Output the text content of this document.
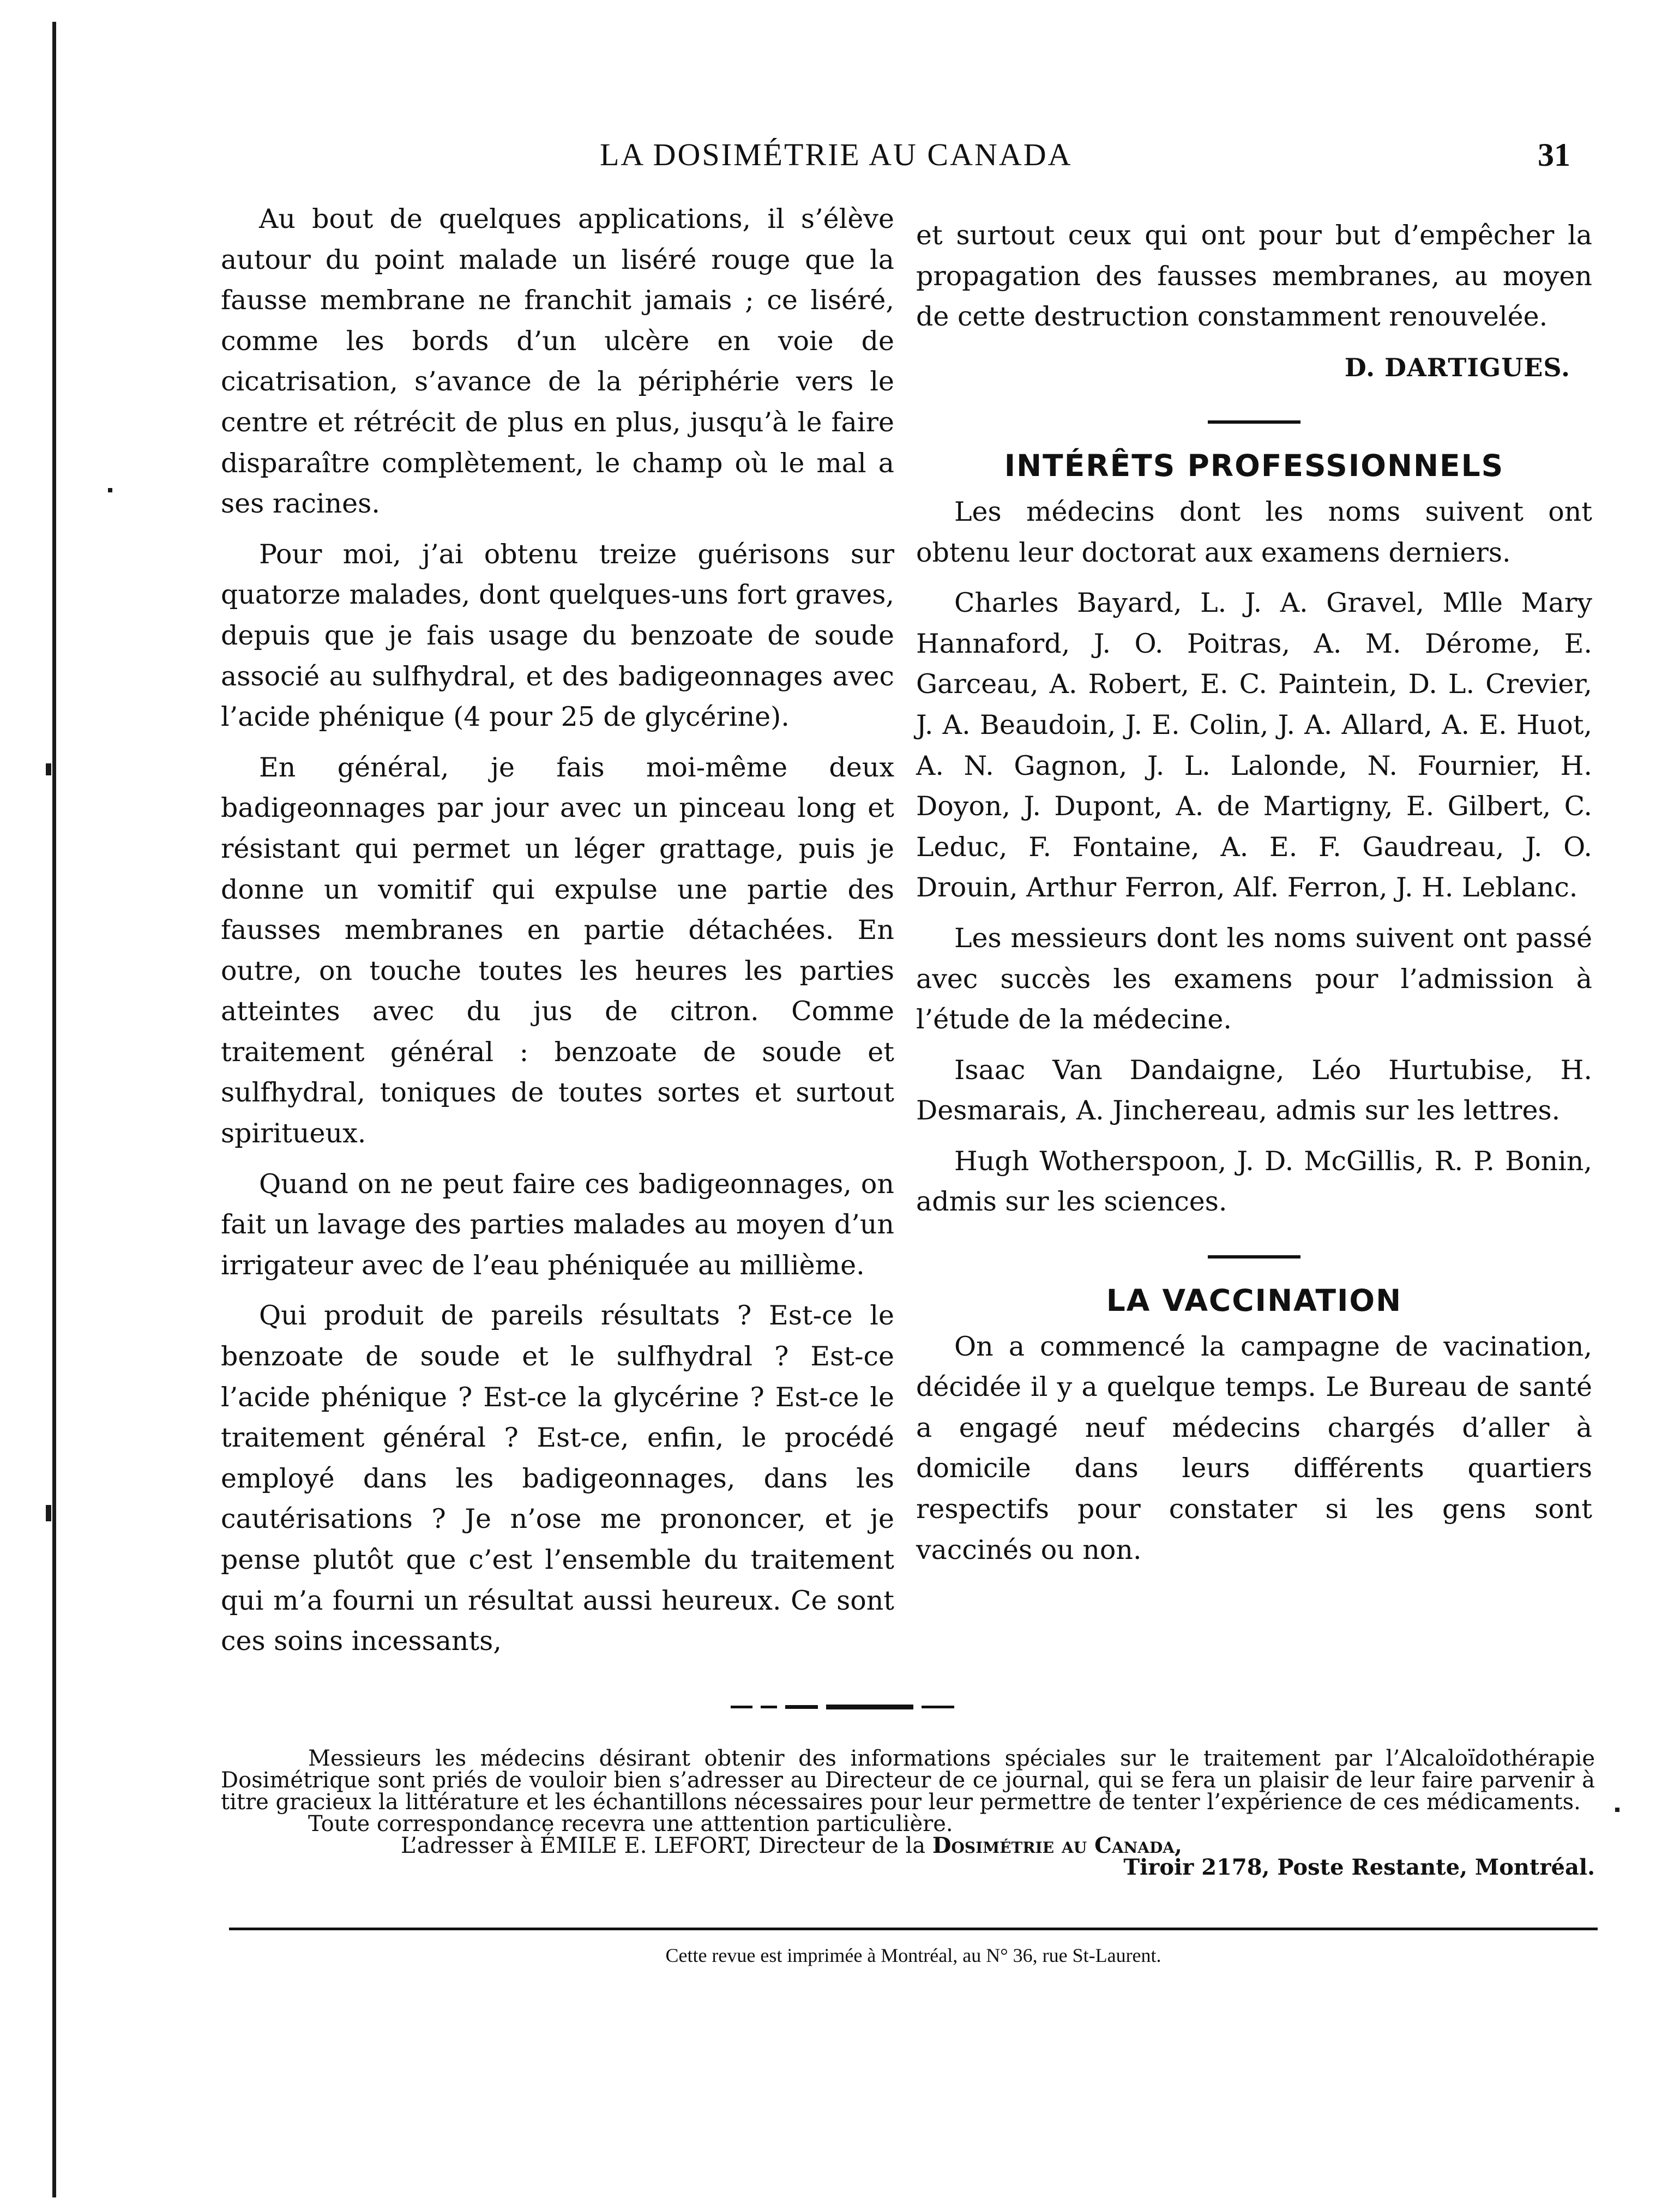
LA DOSIMÉTRIE AU CANADA	31

Au bout de quelques applications, il s’élève autour du point malade un liséré rouge que la fausse membrane ne franchit jamais ; ce liséré, comme les bords d’un ulcère en voie de cicatrisation, s’avance de la périphérie vers le centre et rétrécit de plus en plus, jusqu’à le faire disparaître complètement, le champ où le mal a ses racines.

Pour moi, j’ai obtenu treize guérisons sur quatorze malades, dont quelques-uns fort graves, depuis que je fais usage du benzoate de soude associé au sulfhydral, et des badigeonnages avec l’acide phénique (4 pour 25 de glycérine).

En général, je fais moi-même deux badigeonnages par jour avec un pinceau long et résistant qui permet un léger grattage, puis je donne un vomitif qui expulse une partie des fausses membranes en partie détachées. En outre, on touche toutes les heures les parties atteintes avec du jus de citron. Comme traitement général : benzoate de soude et sulfhydral, toniques de toutes sortes et surtout spiritueux.

Quand on ne peut faire ces badigeonnages, on fait un lavage des parties malades au moyen d’un irrigateur avec de l’eau phéniquée au millième.

Qui produit de pareils résultats ? Est-ce le benzoate de soude et le sulfhydral ? Est-ce l’acide phénique ? Est-ce la glycérine ? Est-ce le traitement général ? Est-ce, enfin, le procédé employé dans les badigeonnages, dans les cautérisations ? Je n’ose me prononcer, et je pense plutôt que c’est l’ensemble du traitement qui m’a fourni un résultat aussi heureux. Ce sont ces soins incessants,

et surtout ceux qui ont pour but d’empêcher la propagation des fausses membranes, au moyen de cette destruction constamment renouvelée.

D. DARTIGUES.
INTÉRÊTS PROFESSIONNELS

Les médecins dont les noms suivent ont obtenu leur doctorat aux examens derniers.

Charles Bayard, L. J. A. Gravel, Mlle Mary Hannaford, J. O. Poitras, A. M. Dérome, E. Garceau, A. Robert, E. C. Paintein, D. L. Crevier, J. A. Beaudoin, J. E. Colin, J. A. Allard, A. E. Huot, A. N. Gagnon, J. L. Lalonde, N. Fournier, H. Doyon, J. Dupont, A. de Martigny, E. Gilbert, C. Leduc, F. Fontaine, A. E. F. Gaudreau, J. O. Drouin, Arthur Ferron, Alf. Ferron, J. H. Leblanc.

Les messieurs dont les noms suivent ont passé avec succès les examens pour l’admission à l’étude de la médecine.

Isaac Van Dandaigne, Léo Hurtubise, H. Desmarais, A. Jinchereau, admis sur les lettres.

Hugh Wotherspoon, J. D. McGillis, R. P. Bonin, admis sur les sciences.

LA VACCINATION

On a commencé la campagne de vacination, décidée il y a quelque temps. Le Bureau de santé a engagé neuf médecins chargés d’aller à domicile dans leurs différents quartiers respectifs pour constater si les gens sont vaccinés ou non.

Messieurs les médecins désirant obtenir des informations spéciales sur le traitement par l’Alcaloïdothérapie Dosimétrique sont priés de vouloir bien s’adresser au Directeur de ce journal, qui se fera un plaisir de leur faire parvenir à titre gracieux la littérature et les échantillons nécessaires pour leur permettre de tenter l’expérience de ces médicaments.

Toute correspondance recevra une atttention particulière.

L’adresser à ÉMILE E. LEFORT, Directeur de la Dosimétrie au Canada,

Tiroir 2178, Poste Restante, Montréal.

Cette revue est imprimée à Montréal, au N° 36, rue St-Laurent.
